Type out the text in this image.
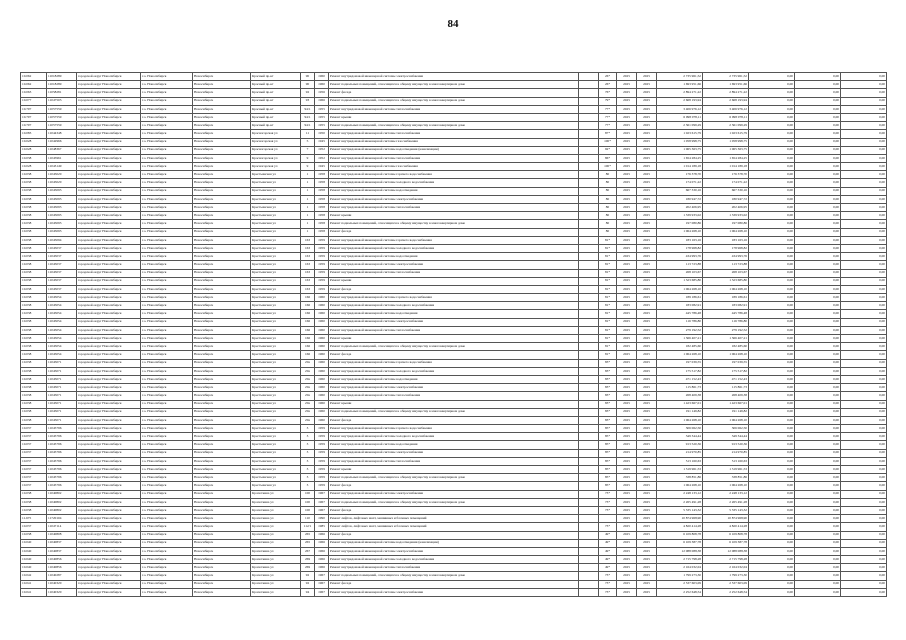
84
10.062	11018289	городской округ Новосибирск	г.о. Новосибирск	Новосибирск	Красный пр-кт	90	1960	Ремонт внутридомовой инженерной системы электроснабжения		26*	2025	2025	2 735 961,52	2 735 961,52	0,00	0,00	0,00
10.062	11018289	городской округ Новосибирск	г.о. Новосибирск	Новосибирск	Красный пр-кт	90	1960	Ремонт подвальных помещений, относящихся к общему имуществу в многоквартирном доме		26*	2025	2025	1 693 951,66	1 693 951,66	0,00	0,00	0,00
10.063	11058281	городской округ Новосибирск	г.о. Новосибирск	Новосибирск	Красный пр-кт	92	1956	Ремонт фасада		76*	2025	2025	2 894 271,22	2 894 271,22	0,00	0,00	0,00
10.077	11047503	городской округ Новосибирск	г.о. Новосибирск	Новосибирск	Красный пр-кт	93	1966	Ремонт подвальных помещений, относящихся к общему имуществу в многоквартирном доме		79*	2025	2025	2 668 193,94	2 668 193,94	0,00	0,00	0,00
10.707	11057559	городской округ Новосибирск	г.о. Новосибирск	Новосибирск	Красный пр-кт	94/1	1955	Ремонт внутридомовой инженерной системы теплоснабжения		77*	2025	2025	3 406 976,12	3 406 976,12	0,00	0,00	0,00
10.707	11057559	городской округ Новосибирск	г.о. Новосибирск	Новосибирск	Красный пр-кт	94/1	1955	Ремонт крыши		77*	2025	2025	6 098 078,11	6 098 078,11	0,00	0,00	0,00
10.707	11057559	городской округ Новосибирск	г.о. Новосибирск	Новосибирск	Красный пр-кт	94/1	1955	Ремонт подвальных помещений, относящихся к общему имуществу в многоквартирном доме		77*	2025	2025	2 361 099,29	2 361 099,29	0,00	0,00	0,00
10.083	11044348	городской округ Новосибирск	г.о. Новосибирск	Новосибирск	Красногорская ул	11	1950	Ремонт внутридомовой инженерной системы теплоснабжения		87*	2025	2025	1 023 615,79	1 023 615,79	0,00	0,00	0,00
10.028	11042966	городской округ Новосибирск	г.о. Новосибирск	Новосибирск	Красногорская ул	5	1945	Ремонт внутридомовой инженерной системы газоснабжения		100*	2025	2025	1 058 998,75	1 058 998,75	0,00	0,00	0,00
10.028	11048367	городской округ Новосибирск	г.о. Новосибирск	Новосибирск	Красногорская ул	7	1952	Ремонт внутридомовой инженерной системы водоотведения (канализации)		92*	2025	2025	1 065 363,75	1 065 363,75	0,00	0,00	0,00
10.038	11045961	городской округ Новосибирск	г.о. Новосибирск	Новосибирск	Красногорская ул	9	1952	Ремонт внутридомовой инженерной системы теплоснабжения		86*	2025	2025	1 654 284,25	1 654 284,25	0,00	0,00	0,00
10.028	11043149	городской округ Новосибирск	г.о. Новосибирск	Новосибирск	Красногорская ул	9	1945	Ремонт внутридомовой инженерной системы газоснабжения		100*	2025	2025	1 014 189,18	1 014 189,18	0,00	0,00	0,00
10.038	11045020	городской округ Новосибирск	г.о. Новосибирск	Новосибирск	Крестьянская ул	1	1958	Ремонт внутридомовой инженерной системы горячего водоснабжения		80	2025	2025	176 378,70	176 378,70	0,00	0,00	0,00
10.038	11045020	городской округ Новосибирск	г.о. Новосибирск	Новосибирск	Крестьянская ул	1	1958	Ремонт внутридомовой инженерной системы холодного водоснабжения		80	2025	2025	174 071,22	174 071,22	0,00	0,00	0,00
10.038	11045093	городской округ Новосибирск	г.о. Новосибирск	Новосибирск	Крестьянская ул	1	1958	Ремонт внутридомовой инженерной системы водоотведения		80	2025	2025	667 330,16	667 330,16	0,00	0,00	0,00
10.038	11045093	городской округ Новосибирск	г.о. Новосибирск	Новосибирск	Крестьянская ул	1	1958	Ремонт внутридомовой инженерной системы электроснабжения		80	2025	2025	180 947,72	180 947,72	0,00	0,00	0,00
10.038	11045093	городской округ Новосибирск	г.о. Новосибирск	Новосибирск	Крестьянская ул	1	1958	Ремонт внутридомовой инженерной системы теплоснабжения		80	2025	2025	202 406,95	202 406,95	0,00	0,00	0,00
10.038	11045093	городской округ Новосибирск	г.о. Новосибирск	Новосибирск	Крестьянская ул	1	1958	Ремонт крыши		80	2025	2025	1 339 933,02	1 339 933,02	0,00	0,00	0,00
10.038	11045093	городской округ Новосибирск	г.о. Новосибирск	Новосибирск	Крестьянская ул	1	1958	Ремонт подвальных помещений, относящихся к общему имуществу в многоквартирном доме		80	2025	2025	197 080,86	197 080,86	0,00	0,00	0,00
10.038	11045093	городской округ Новосибирск	г.о. Новосибирск	Новосибирск	Крестьянская ул	1	1958	Ремонт фасада		80	2025	2025	1 064 268,10	1 064 268,10	0,00	0,00	0,00
10.038	11045094	городской округ Новосибирск	г.о. Новосибирск	Новосибирск	Крестьянская ул	163	1959	Ремонт внутридомовой инженерной системы горячего водоснабжения		81*	2025	2025	183 163,16	183 163,16	0,00	0,00	0,00
10.038	11045037	городской округ Новосибирск	г.о. Новосибирск	Новосибирск	Крестьянская ул	163	1959	Ремонт внутридомовой инженерной системы холодного водоснабжения		81*	2025	2025	178 968,82	178 968,82	0,00	0,00	0,00
10.038	11045037	городской округ Новосибирск	г.о. Новосибирск	Новосибирск	Крестьянская ул	163	1959	Ремонт внутридомовой инженерной системы водоотведения		81*	2025	2025	434 993,76	434 993,76	0,00	0,00	0,00
10.038	11045037	городской округ Новосибирск	г.о. Новосибирск	Новосибирск	Крестьянская ул	163	1959	Ремонт внутридомовой инженерной системы электроснабжения		81*	2025	2025	113 723,88	113 723,88	0,00	0,00	0,00
10.038	11045037	городской округ Новосибирск	г.о. Новосибирск	Новосибирск	Крестьянская ул	163	1959	Ремонт внутридомовой инженерной системы теплоснабжения		81*	2025	2025	268 103,67	268 103,67	0,00	0,00	0,00
10.038	11045037	городской округ Новосибирск	г.о. Новосибирск	Новосибирск	Крестьянская ул	163	1959	Ремонт крыши		81*	2025	2025	1 323 685,80	1 323 685,80	0,00	0,00	0,00
10.038	11045037	городской округ Новосибирск	г.о. Новосибирск	Новосибирск	Крестьянская ул	163	1959	Ремонт фасада		81*	2025	2025	1 064 268,10	1 064 268,10	0,00	0,00	0,00
10.038	11045054	городской округ Новосибирск	г.о. Новосибирск	Новосибирск	Крестьянская ул	166	1960	Ремонт внутридомовой инженерной системы горячего водоснабжения		81*	2025	2025	189 186,61	189 186,61	0,00	0,00	0,00
10.038	11045054	городской округ Новосибирск	г.о. Новосибирск	Новосибирск	Крестьянская ул	166	1960	Ремонт внутридомовой инженерной системы холодного водоснабжения		81*	2025	2025	183 082,91	183 082,91	0,00	0,00	0,00
10.038	11045054	городской округ Новосибирск	г.о. Новосибирск	Новосибирск	Крестьянская ул	166	1960	Ремонт внутридомовой инженерной системы водоотведения		81*	2025	2025	445 786,48	445 786,48	0,00	0,00	0,00
10.038	11045054	городской округ Новосибирск	г.о. Новосибирск	Новосибирск	Крестьянская ул	166	1960	Ремонт внутридомовой инженерной системы электроснабжения		81*	2025	2025	116 786,80	116 786,80	0,00	0,00	0,00
10.038	11045054	городской округ Новосибирск	г.о. Новосибирск	Новосибирск	Крестьянская ул	166	1960	Ремонт внутридомовой инженерной системы теплоснабжения		81*	2025	2025	279 192,52	279 192,52	0,00	0,00	0,00
10.038	11045054	городской округ Новосибирск	г.о. Новосибирск	Новосибирск	Крестьянская ул	166	1960	Ремонт крыши		81*	2025	2025	1 366 407,21	1 366 407,21	0,00	0,00	0,00
10.038	11045054	городской округ Новосибирск	г.о. Новосибирск	Новосибирск	Крестьянская ул	166	1960	Ремонт подвальных помещений, относящихся к общему имуществу в многоквартирном доме		81*	2025	2025	182 485,60	182 485,60	0,00	0,00	0,00
10.038	11045054	городской округ Новосибирск	г.о. Новосибирск	Новосибирск	Крестьянская ул	166	1960	Ремонт фасада		81*	2025	2025	1 064 268,10	1 064 268,10	0,00	0,00	0,00
10.038	11045071	городской округ Новосибирск	г.о. Новосибирск	Новосибирск	Крестьянская ул	20а	1960	Ремонт внутридомовой инженерной системы горячего водоснабжения		83*	2025	2025	197 039,55	197 039,55	0,00	0,00	0,00
10.038	11045071	городской округ Новосибирск	г.о. Новосибирск	Новосибирск	Крестьянская ул	20а	1960	Ремонт внутридомовой инженерной системы холодного водоснабжения		83*	2025	2025	175 517,82	175 517,82	0,00	0,00	0,00
10.038	11045071	городской округ Новосибирск	г.о. Новосибирск	Новосибирск	Крестьянская ул	20а	1960	Ремонт внутридомовой инженерной системы водоотведения		83*	2025	2025	471 152,43	471 152,43	0,00	0,00	0,00
10.038	11045071	городской округ Новосибирск	г.о. Новосибирск	Новосибирск	Крестьянская ул	20а	1960	Ремонт внутридомовой инженерной системы электроснабжения		83*	2025	2025	115 861,73	115 861,73	0,00	0,00	0,00
10.038	11045071	городской округ Новосибирск	г.о. Новосибирск	Новосибирск	Крестьянская ул	20а	1960	Ремонт внутридомовой инженерной системы теплоснабжения		83*	2025	2025	268 409,38	268 409,38	0,00	0,00	0,00
10.038	11045071	городской округ Новосибирск	г.о. Новосибирск	Новосибирск	Крестьянская ул	20а	1960	Ремонт крыши		83*	2025	2025	1 423 667,01	1 423 667,01	0,00	0,00	0,00
10.038	11045071	городской округ Новосибирск	г.о. Новосибирск	Новосибирск	Крестьянская ул	20а	1960	Ремонт подвальных помещений, относящихся к общему имуществу в многоквартирном доме		83*	2025	2025	191 149,82	191 149,82	0,00	0,00	0,00
10.038	11045071	городской округ Новосибирск	г.о. Новосибирск	Новосибирск	Крестьянская ул	20а	1960	Ремонт фасада		83*	2025	2025	1 064 268,10	1 064 268,10	0,00	0,00	0,00
10.037	11045796	городской округ Новосибирск	г.о. Новосибирск	Новосибирск	Крестьянская ул	3	1959	Ремонт внутридомовой инженерной системы горячего водоснабжения		85*	2025	2025	306 062,50	306 062,50	0,00	0,00	0,00
10.037	11045796	городской округ Новосибирск	г.о. Новосибирск	Новосибирск	Крестьянская ул	3	1959	Ремонт внутридомовой инженерной системы холодного водоснабжения		85*	2025	2025	349 344,44	349 344,44	0,00	0,00	0,00
10.037	11045796	городской округ Новосибирск	г.о. Новосибирск	Новосибирск	Крестьянская ул	3	1959	Ремонт внутридомовой инженерной системы водоотведения		85*	2025	2025	913 520,36	913 520,36	0,00	0,00	0,00
10.037	11045796	городской округ Новосибирск	г.о. Новосибирск	Новосибирск	Крестьянская ул	3	1959	Ремонт внутридомовой инженерной системы электроснабжения		85*	2025	2025	214 970,85	214 970,85	0,00	0,00	0,00
10.037	11045796	городской округ Новосибирск	г.о. Новосибирск	Новосибирск	Крестьянская ул	3	1959	Ремонт внутридомовой инженерной системы теплоснабжения		85*	2025	2025	513 160,63	513 160,63	0,00	0,00	0,00
10.037	11045796	городской округ Новосибирск	г.о. Новосибирск	Новосибирск	Крестьянская ул	3	1959	Ремонт крыши		85*	2025	2025	1 319 961,53	1 319 961,53	0,00	0,00	0,00
10.037	11045796	городской округ Новосибирск	г.о. Новосибирск	Новосибирск	Крестьянская ул	3	1959	Ремонт подвальных помещений, относящихся к общему имуществу в многоквартирном доме		85*	2025	2025	338 851,86	338 851,86	0,00	0,00	0,00
10.037	11045796	городской округ Новосибирск	г.о. Новосибирск	Новосибирск	Крестьянская ул	3	1959	Ремонт фасада		85*	2025	2025	1 064 268,10	1 064 268,10	0,00	0,00	0,00
10.038	11040802	городской округ Новосибирск	г.о. Новосибирск	Новосибирск	Кропоткина ул	100	1967	Ремонт внутридомовой инженерной системы электроснабжения		73*	2025	2025	2 248 133,12	2 248 133,12	0,00	0,00	0,00
10.038	11040802	городской округ Новосибирск	г.о. Новосибирск	Новосибирск	Кропоткина ул	100	1967	Ремонт подвальных помещений, относящихся к общему имуществу в многоквартирном доме		73*	2025	2025	2 265 491,28	2 265 491,28	0,00	0,00	0,00
10.038	11040802	городской округ Новосибирск	г.о. Новосибирск	Новосибирск	Кропоткина ул	100	1967	Ремонт фасада		73*	2025	2025	5 335 143,32	5 335 143,32	0,00	0,00	0,00
11.675	11720104	городской округ Новосибирск	г.о. Новосибирск	Новосибирск	Кропоткина ул	110	1990	Ремонт лифтов, лифтовых шахт, машинных и блочных помещений			2025	2025	10 874 968,90	10 874 968,90	0,00	0,00	0,00
10.037	11047114	городской округ Новосибирск	г.о. Новосибирск	Новосибирск	Кропоткина ул	112/1	1985	Ремонт лифтов, лифтовых шахт, машинных и блочных помещений		73*	2025	2025	4 820 414,28	4 820 414,28	0,00	0,00	0,00
10.038	11040808	городской округ Новосибирск	г.о. Новосибирск	Новосибирск	Кропоткина ул	265	1966	Ремонт фасада		49*	2025	2025	6 109 808,78	6 109 808,78	0,00	0,00	0,00
10.040	11040837	городской округ Новосибирск	г.о. Новосибирск	Новосибирск	Кропоткина ул	265	1966	Ремонт внутридомовой инженерной системы водоотведения (канализации)		49*	2025	2025	6 109 387,78	6 109 387,78	0,00	0,00	0,00
10.040	11040837	городской округ Новосибирск	г.о. Новосибирск	Новосибирск	Кропоткина ул	267	1966	Ремонт внутридомовой инженерной системы электроснабжения		49*	2025	2025	12 088 088,38	12 088 088,38	0,00	0,00	0,00
10.040	11040856	городской округ Новосибирск	г.о. Новосибирск	Новосибирск	Кропоткина ул	269	1966	Ремонт внутридомовой инженерной системы холодного водоснабжения		49*	2025	2025	2 715 798,28	2 715 798,28	0,00	0,00	0,00
10.040	11040856	городской округ Новосибирск	г.о. Новосибирск	Новосибирск	Кропоткина ул	269	1966	Ремонт внутридомовой инженерной системы теплоснабжения		49*	2025	2025	2 164 032,04	2 164 032,04	0,00	0,00	0,00
10.042	11040287	городской округ Новосибирск	г.о. Новосибирск	Новосибирск	Кропоткина ул	92	1967	Ремонт подвальных помещений, относящихся к общему имуществу в многоквартирном доме		73*	2025	2025	1 799 273,30	1 799 273,30	0,00	0,00	0,00
10.041	11040320	городской округ Новосибирск	г.о. Новосибирск	Новосибирск	Кропоткина ул	92	1967	Ремонт фасада		73*	2025	2025	2 537 603,09	2 537 603,09	0,00	0,00	0,00
10.041	11040320	городской округ Новосибирск	г.о. Новосибирск	Новосибирск	Кропоткина ул	94	1967	Ремонт внутридомовой инженерной системы электроснабжения		73*	2025	2025	2 252 648,54	2 252 648,54	0,00	0,00	0,00
